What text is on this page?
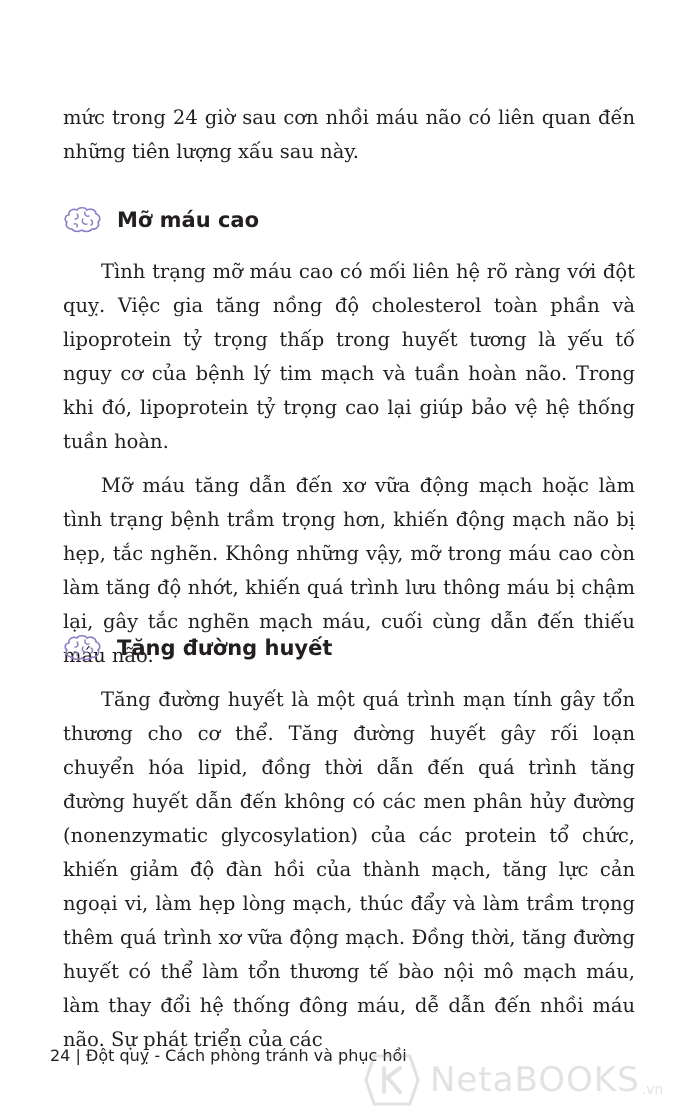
mức trong 24 giờ sau cơn nhồi máu não có liên quan đến những tiên lượng xấu sau này.

Mỡ máu cao

Tình trạng mỡ máu cao có mối liên hệ rõ ràng với đột quỵ. Việc gia tăng nồng độ cholesterol toàn phần và lipoprotein tỷ trọng thấp trong huyết tương là yếu tố nguy cơ của bệnh lý tim mạch và tuần hoàn não. Trong khi đó, lipoprotein tỷ trọng cao lại giúp bảo vệ hệ thống tuần hoàn.

Mỡ máu tăng dẫn đến xơ vữa động mạch hoặc làm tình trạng bệnh trầm trọng hơn, khiến động mạch não bị hẹp, tắc nghẽn. Không những vậy, mỡ trong máu cao còn làm tăng độ nhớt, khiến quá trình lưu thông máu bị chậm lại, gây tắc nghẽn mạch máu, cuối cùng dẫn đến thiếu máu não.

Tăng đường huyết

Tăng đường huyết là một quá trình mạn tính gây tổn thương cho cơ thể. Tăng đường huyết gây rối loạn chuyển hóa lipid, đồng thời dẫn đến quá trình tăng đường huyết dẫn đến không có các men phân hủy đường (nonenzymatic glycosylation) của các protein tổ chức, khiến giảm độ đàn hồi của thành mạch, tăng lực cản ngoại vi, làm hẹp lòng mạch, thúc đẩy và làm trầm trọng thêm quá trình xơ vữa động mạch. Đồng thời, tăng đường huyết có thể làm tổn thương tế bào nội mô mạch máu, làm thay đổi hệ thống đông máu, dễ dẫn đến nhồi máu não. Sự phát triển của các

24 | Đột quỵ - Cách phòng tránh và phục hồi
NetaBOOKS .vn
